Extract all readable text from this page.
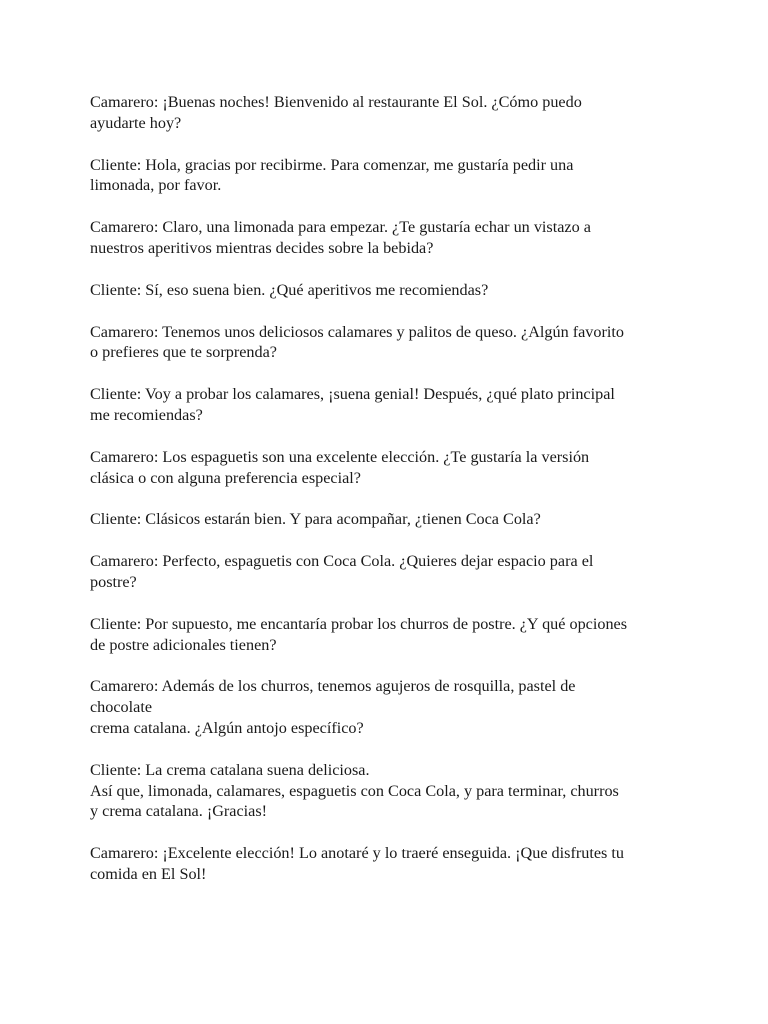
Camarero: ¡Buenas noches! Bienvenido al restaurante El Sol. ¿Cómo puedo
ayudarte hoy?

Cliente: Hola, gracias por recibirme. Para comenzar, me gustaría pedir una
limonada, por favor.

Camarero: Claro, una limonada para empezar. ¿Te gustaría echar un vistazo a
nuestros aperitivos mientras decides sobre la bebida?

Cliente: Sí, eso suena bien. ¿Qué aperitivos me recomiendas?

Camarero: Tenemos unos deliciosos calamares y palitos de queso. ¿Algún favorito
o prefieres que te sorprenda?

Cliente: Voy a probar los calamares, ¡suena genial! Después, ¿qué plato principal
me recomiendas?

Camarero: Los espaguetis son una excelente elección. ¿Te gustaría la versión
clásica o con alguna preferencia especial?

Cliente: Clásicos estarán bien. Y para acompañar, ¿tienen Coca Cola?

Camarero: Perfecto, espaguetis con Coca Cola. ¿Quieres dejar espacio para el
postre?

Cliente: Por supuesto, me encantaría probar los churros de postre. ¿Y qué opciones
de postre adicionales tienen?

Camarero: Además de los churros, tenemos agujeros de rosquilla, pastel de
chocolate
crema catalana. ¿Algún antojo específico?

Cliente: La crema catalana suena deliciosa.
Así que, limonada, calamares, espaguetis con Coca Cola, y para terminar, churros
y crema catalana. ¡Gracias!

Camarero: ¡Excelente elección! Lo anotaré y lo traeré enseguida. ¡Que disfrutes tu
comida en El Sol!
